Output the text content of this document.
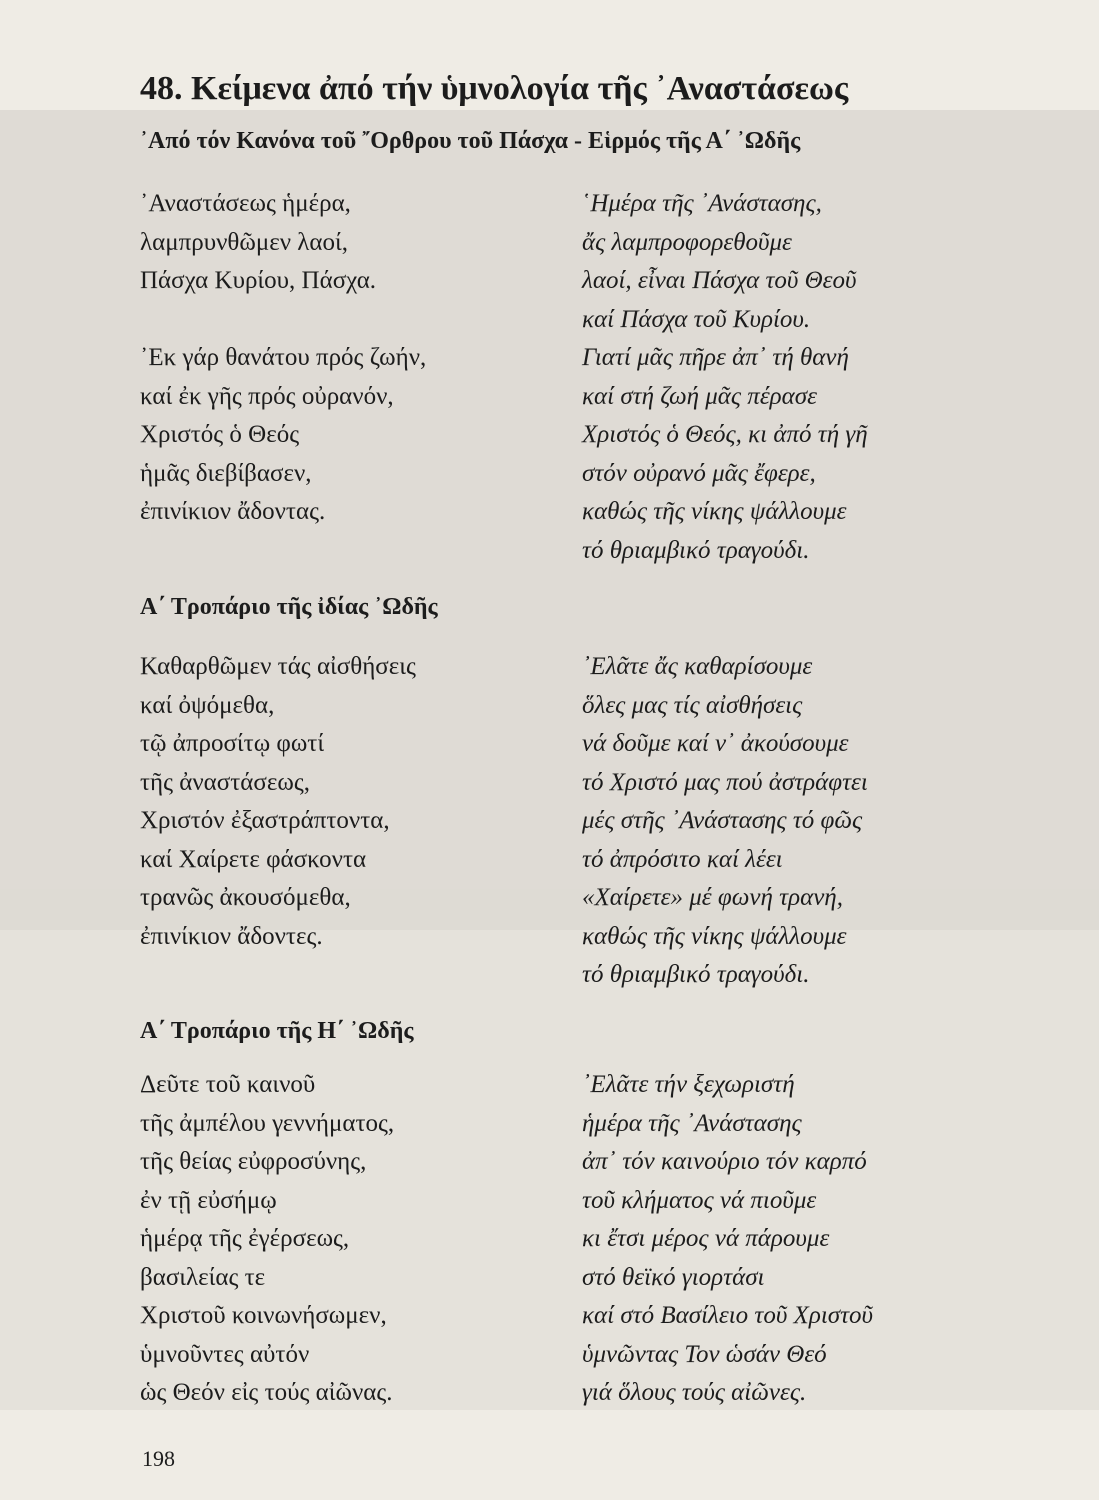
48. Κείμενα ἀπό τήν ὑμνολογία τῆς ᾿Αναστάσεως
᾿Από τόν Κανόνα τοῦ ῎Ορθρου τοῦ Πάσχα - Εἱρμός τῆς Α΄ ᾿Ωδῆς
᾿Αναστάσεως ἡμέρα,
λαμπρυνθῶμεν λαοί,
Πάσχα Κυρίου, Πάσχα.

᾿Εκ γάρ θανάτου πρός ζωήν,
καί ἐκ γῆς πρός οὐρανόν,
Χριστός ὁ Θεός
ἡμᾶς διεβίβασεν,
ἐπινίκιον ἄδοντας.
῾Ημέρα τῆς ᾿Ανάστασης,
ἄς λαμπροφορεθοῦμε
λαοί, εἶναι Πάσχα τοῦ Θεοῦ
καί Πάσχα τοῦ Κυρίου.
Γιατί μᾶς πῆρε ἀπ᾿ τή θανή
καί στή ζωή μᾶς πέρασε
Χριστός ὁ Θεός, κι ἀπό τή γῆ
στόν οὐρανό μᾶς ἔφερε,
καθώς τῆς νίκης ψάλλουμε
τό θριαμβικό τραγούδι.
Α΄ Τροπάριο τῆς ἰδίας ᾿Ωδῆς
Καθαρθῶμεν τάς αἰσθήσεις
καί ὀψόμεθα,
τῷ ἀπροσίτῳ φωτί
τῆς ἀναστάσεως,
Χριστόν ἐξαστράπτοντα,
καί Χαίρετε φάσκοντα
τρανῶς ἀκουσόμεθα,
ἐπινίκιον ἄδοντες.
᾿Ελᾶτε ἄς καθαρίσουμε
ὅλες μας τίς αἰσθήσεις
νά δοῦμε καί ν᾿ ἀκούσουμε
τό Χριστό μας πού ἀστράφτει
μές στῆς ᾿Ανάστασης τό φῶς
τό ἀπρόσιτο καί λέει
«Χαίρετε» μέ φωνή τρανή,
καθώς τῆς νίκης ψάλλουμε
τό θριαμβικό τραγούδι.
Α΄ Τροπάριο τῆς Η΄ ᾿Ωδῆς
Δεῦτε τοῦ καινοῦ
τῆς ἀμπέλου γεννήματος,
τῆς θείας εὐφροσύνης,
ἐν τῇ εὐσήμῳ
ἡμέρᾳ τῆς ἐγέρσεως,
βασιλείας τε
Χριστοῦ κοινωνήσωμεν,
ὑμνοῦντες αὐτόν
ὡς Θεόν εἰς τούς αἰῶνας.
᾿Ελᾶτε τήν ξεχωριστή
ἡμέρα τῆς ᾿Ανάστασης
ἀπ᾿ τόν καινούριο τόν καρπό
τοῦ κλήματος νά πιοῦμε
κι ἔτσι μέρος νά πάρουμε
στό θεϊκό γιορτάσι
καί στό Βασίλειο τοῦ Χριστοῦ
ὑμνῶντας Τον ὡσάν Θεό
γιά ὅλους τούς αἰῶνες.
198
